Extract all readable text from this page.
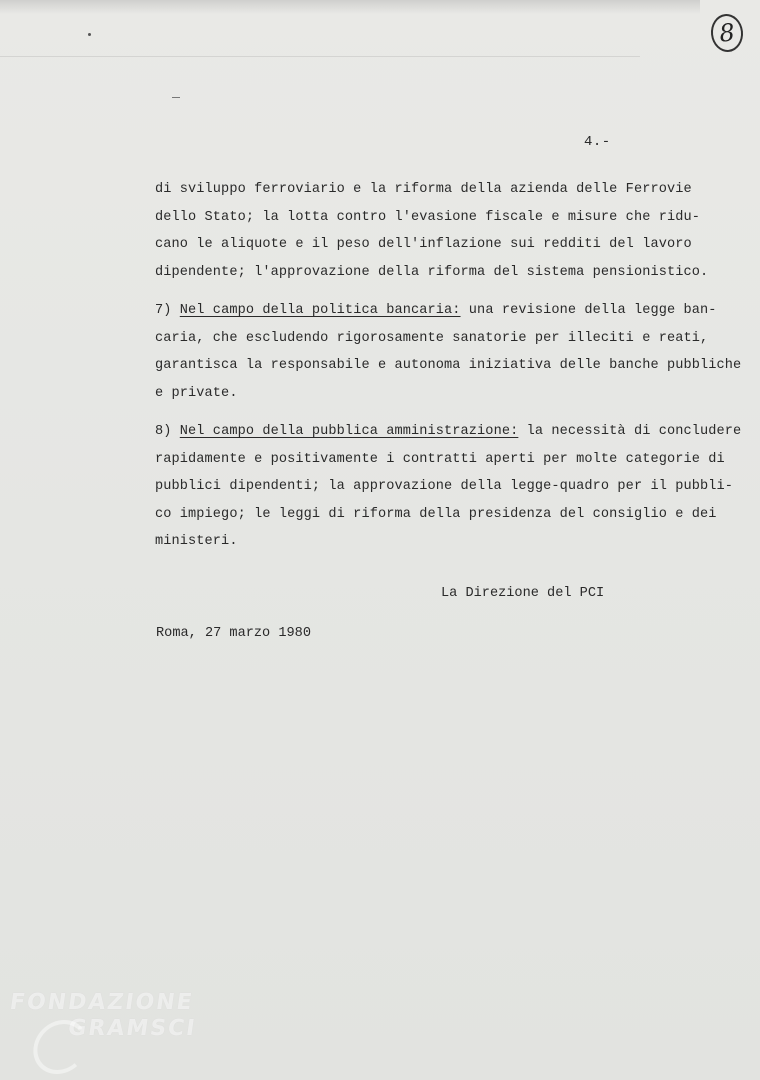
8
4.-
di sviluppo ferroviario e la riforma della azienda delle Ferrovie
dello Stato; la lotta contro l'evasione fiscale e misure che ridu-
cano le aliquote e il peso dell'inflazione sui redditi del lavoro
dipendente; l'approvazione della riforma del sistema pensionistico.
7) Nel campo della politica bancaria: una revisione della legge ban-
caria, che escludendo rigorosamente sanatorie per illeciti e reati,
garantisca la responsabile e autonoma iniziativa delle banche pubbliche
e private.
8) Nel campo della pubblica amministrazione: la necessità di concludere
rapidamente e positivamente i contratti aperti per molte categorie di
pubblici dipendenti; la approvazione della legge-quadro per il pubbli-
co impiego; le leggi di riforma della presidenza del consiglio e dei
ministeri.
La Direzione del PCI
Roma, 27 marzo 1980
FONDAZIONE
GRAMSCI
